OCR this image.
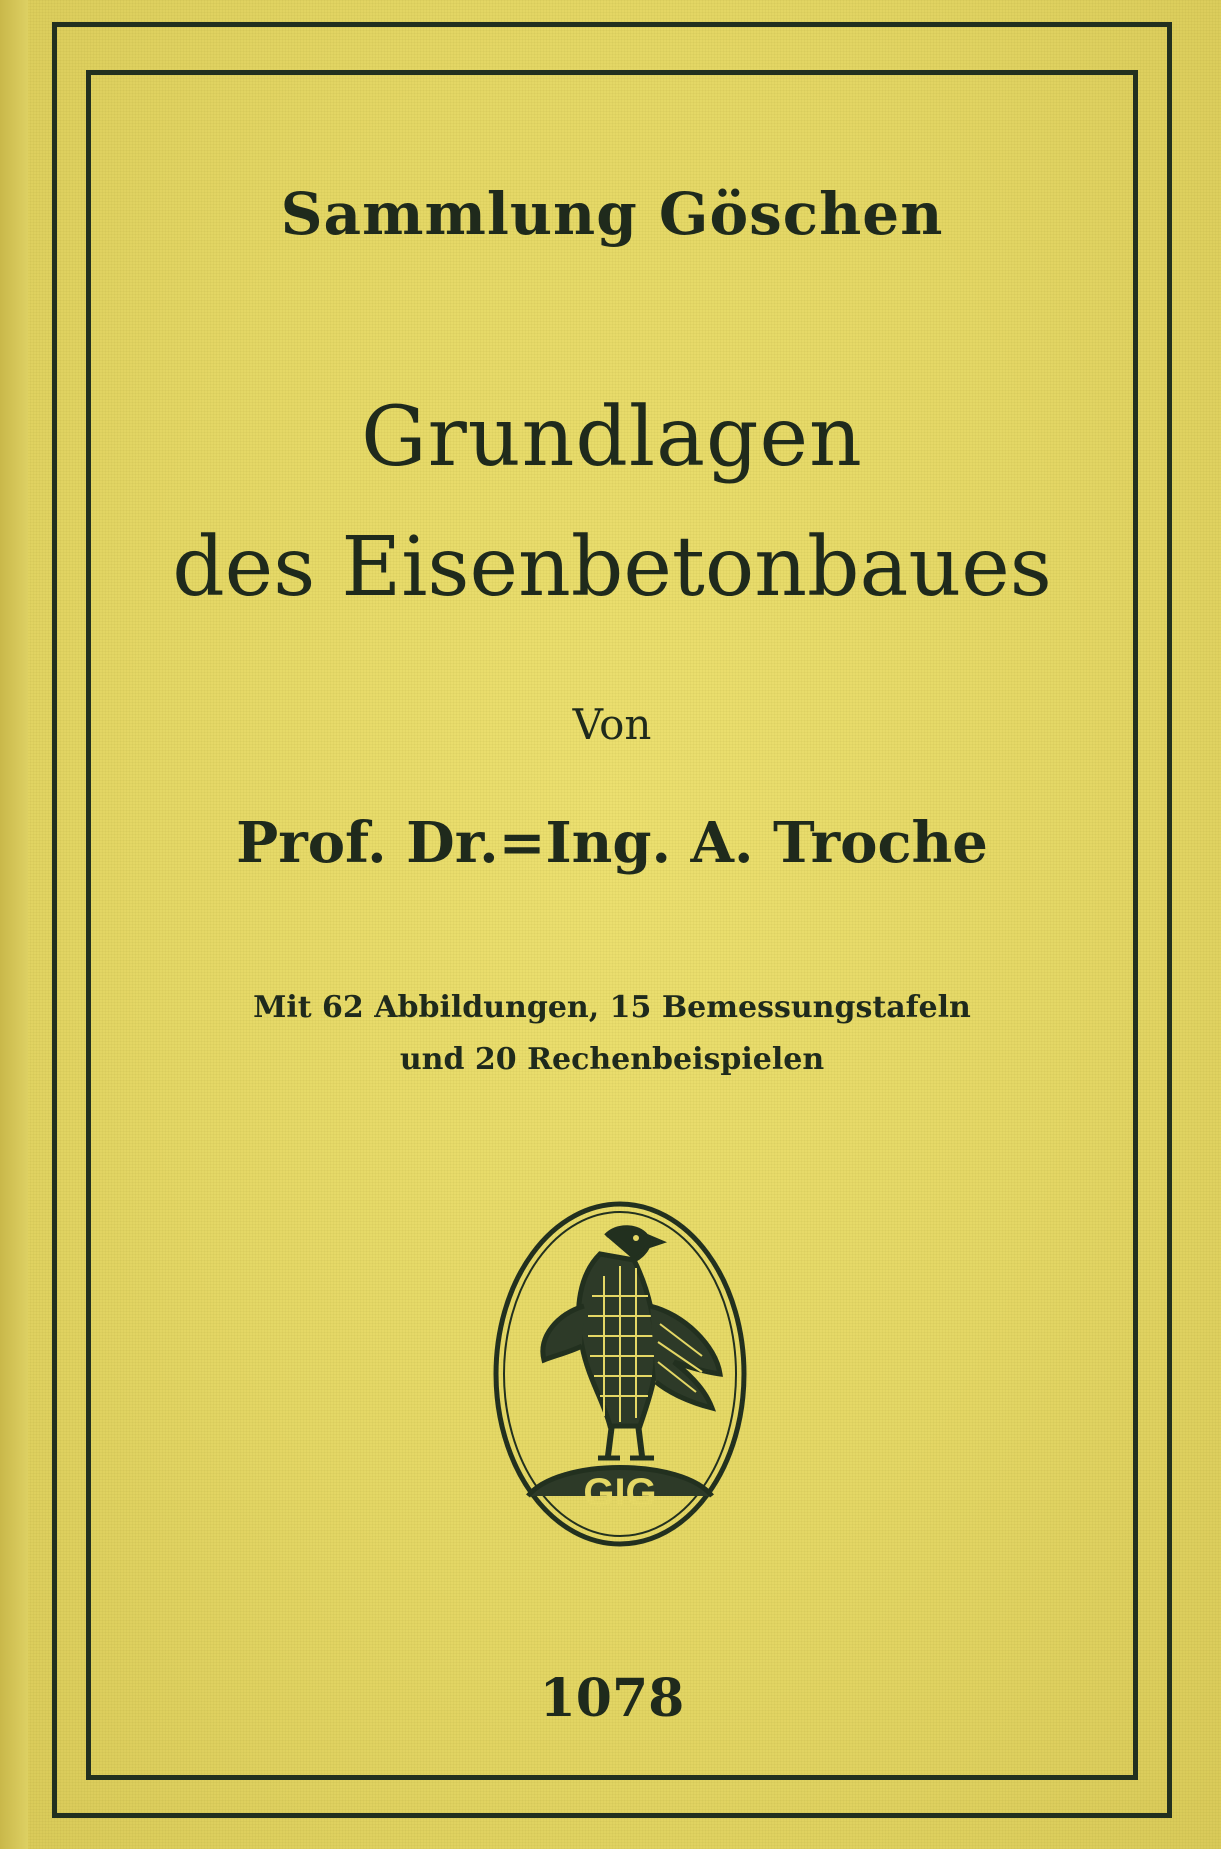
Sammlung Göschen
Grundlagen
des Eisenbetonbaues
Von
Prof. Dr.=Ing. A. Troche
Mit 62 Abbildungen, 15 Bemessungstafeln
und 20 Rechenbeispielen
GIG
1078
